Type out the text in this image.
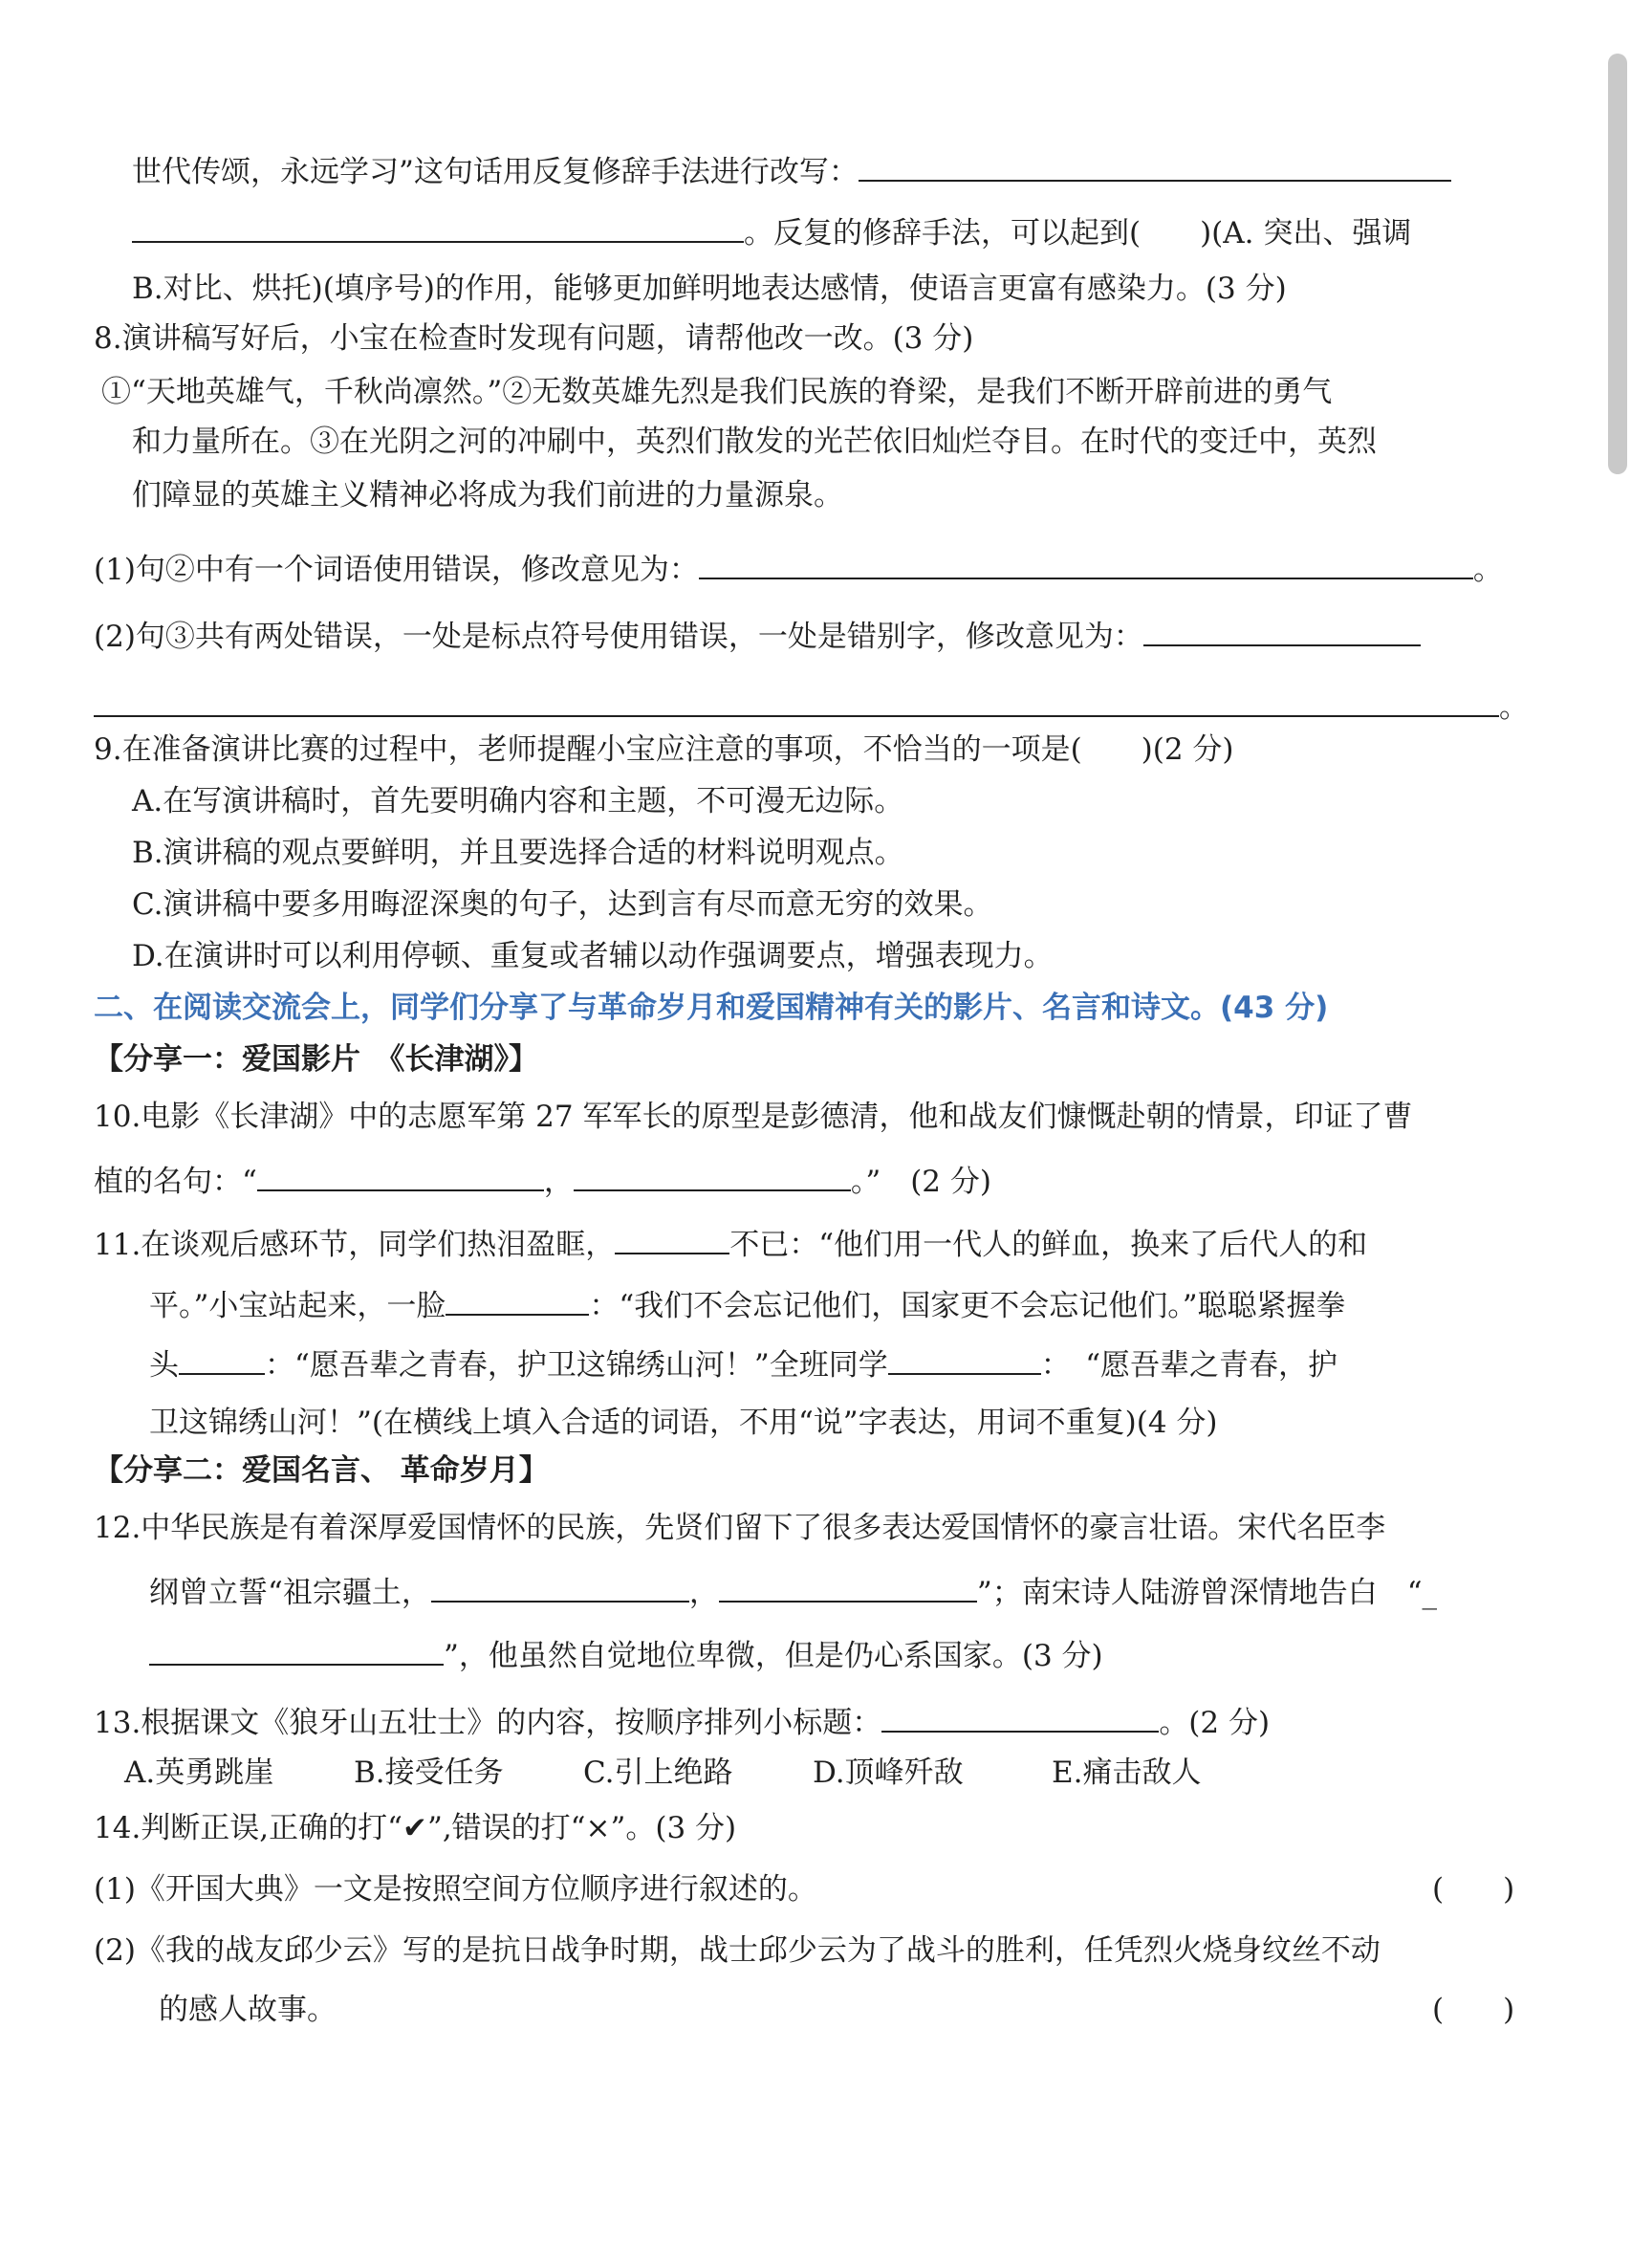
世代传颂，永远学习”这句话用反复修辞手法进行改写：
。反复的修辞手法，可以起到(　　)(A. 突出、强调
B.对比、烘托)(填序号)的作用，能够更加鲜明地表达感情，使语言更富有感染力。(3 分)
8.演讲稿写好后，小宝在检查时发现有问题，请帮他改一改。(3 分)
①“天地英雄气，千秋尚凛然。”②无数英雄先烈是我们民族的脊梁，是我们不断开辟前进的勇气
和力量所在。③在光阴之河的冲刷中，英烈们散发的光芒依旧灿烂夺目。在时代的变迁中，英烈
们障显的英雄主义精神必将成为我们前进的力量源泉。
(1)句②中有一个词语使用错误，修改意见为：	。
(2)句③共有两处错误，一处是标点符号使用错误，一处是错别字，修改意见为：
。
9.在准备演讲比赛的过程中，老师提醒小宝应注意的事项，不恰当的一项是(　　)(2 分)
A.在写演讲稿时，首先要明确内容和主题，不可漫无边际。
B.演讲稿的观点要鲜明，并且要选择合适的材料说明观点。
C.演讲稿中要多用晦涩深奥的句子，达到言有尽而意无穷的效果。
D.在演讲时可以利用停顿、重复或者辅以动作强调要点，增强表现力。
二、在阅读交流会上，同学们分享了与革命岁月和爱国精神有关的影片、名言和诗文。(43 分)
【分享一：爱国影片　《长津湖》】
10.电影《长津湖》中的志愿军第 27 军军长的原型是彭德清，他和战友们慷慨赴朝的情景，印证了曹
植的名句：“	，	。”　(2 分)
11.在谈观后感环节，同学们热泪盈眶，	不已：“他们用一代人的鲜血，换来了后代人的和
平。”小宝站起来，一脸	：“我们不会忘记他们，国家更不会忘记他们。”聪聪紧握拳
头	：“愿吾辈之青春，护卫这锦绣山河！”全班同学	：　“愿吾辈之青春，护
卫这锦绣山河！”(在横线上填入合适的词语，不用“说”字表达，用词不重复)(4 分)
【分享二：爱国名言、 革命岁月】
12.中华民族是有着深厚爱国情怀的民族，先贤们留下了很多表达爱国情怀的豪言壮语。宋代名臣李
纲曾立誓“祖宗疆土，	，	”；南宋诗人陆游曾深情地告白　“_
”，他虽然自觉地位卑微，但是仍心系国家。(3 分)
13.根据课文《狼牙山五壮士》的内容，按顺序排列小标题：	。(2 分)
A.英勇跳崖	B.接受任务	C.引上绝路	D.顶峰歼敌	E.痛击敌人
14.判断正误,正确的打“✔”,错误的打“×”。(3 分)
(1)《开国大典》一文是按照空间方位顺序进行叙述的。	(　　)
(2)《我的战友邱少云》写的是抗日战争时期，战士邱少云为了战斗的胜利，任凭烈火烧身纹丝不动
的感人故事。	(　　)
